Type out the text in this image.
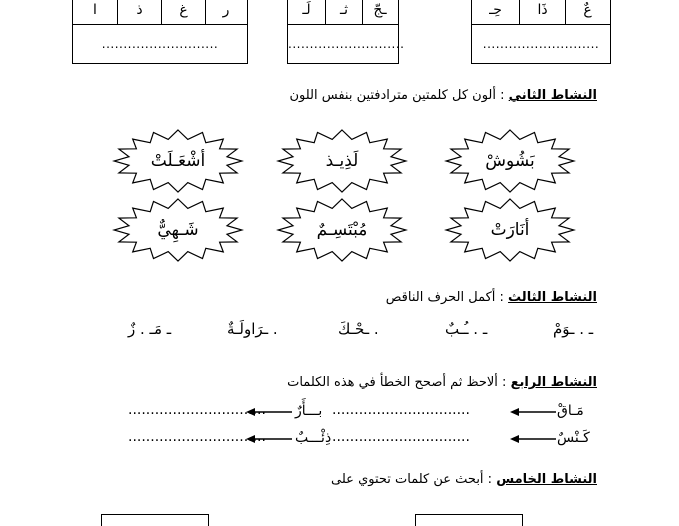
ا	ذ	غ	ر
...........................
لَـ	ثـ	ـجّ
...........................
حِـ	ذَا	عٌ
...........................
النشاط الثاني : ألون كل كلمتين مترادفتين بنفس اللون
أشْعَـلَتْ	لَذِيـذ	بَشُوشْ
شَـهِيٌّ	مُبْتَسِـمٌ	أنَارَتْ
النشاط الثالث : أكمل الحرف الناقص
ـ . ـوَمْ
ـ . ـُـبٌ
. ـحْـكَ
. ـرَاولَـةٌ
ـ مَـ . زٌ
النشاط الرابع : ألاحظ ثم أصحح الخطأ في هذه الكلمات
مَـاقْ
...............................
بـــأَرٌ
...............................
كَـنْسٌ
...............................
ذِئْـــبٌ
...............................
النشاط الخامس : أبحث عن كلمات تحتوي على
